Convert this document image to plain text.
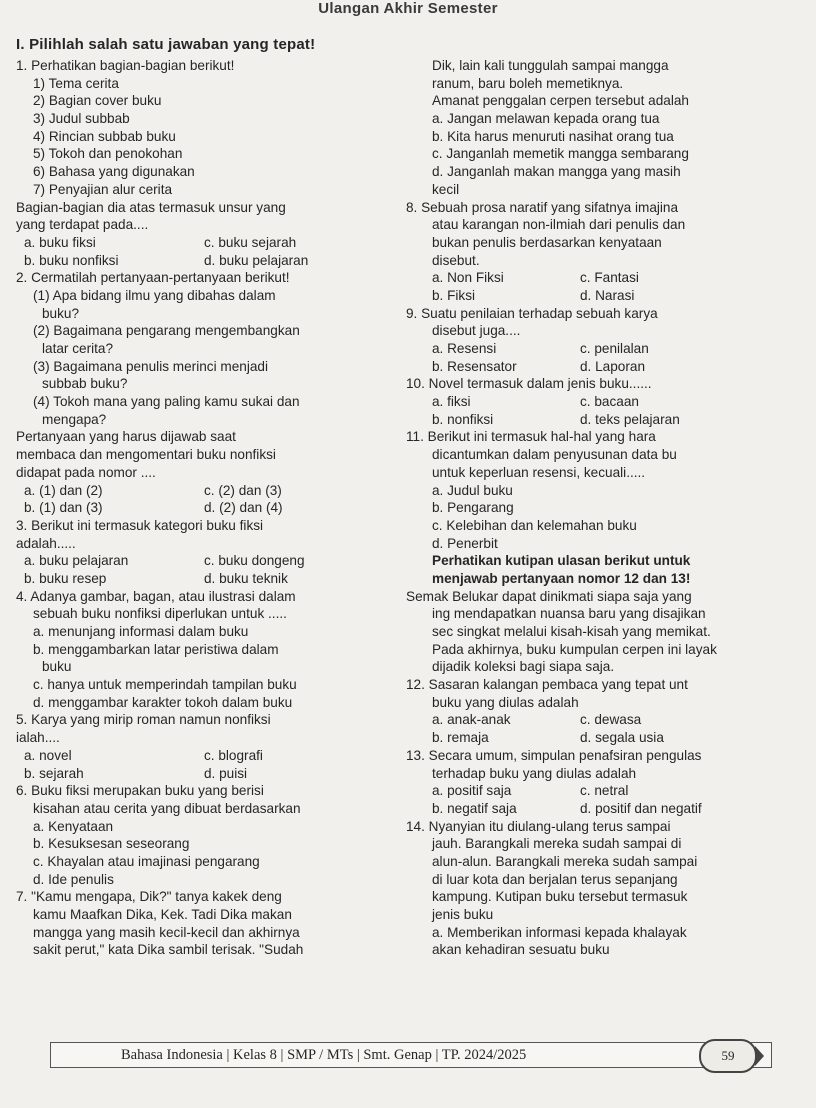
Ulangan Akhir Semester
I. Pilihlah salah satu jawaban yang tepat!
1. Perhatikan bagian-bagian berikut!
1) Tema cerita
2) Bagian cover buku
3) Judul subbab
4) Rincian subbab buku
5) Tokoh dan penokohan
6) Bahasa yang digunakan
7) Penyajian alur cerita
Bagian-bagian dia atas termasuk unsur yang
yang terdapat pada....
a. buku fiksi	c. buku sejarah
b. buku nonfiksi	d. buku pelajaran
2. Cermatilah pertanyaan-pertanyaan berikut!
(1) Apa bidang ilmu yang dibahas dalam
buku?
(2) Bagaimana pengarang mengembangkan
latar cerita?
(3) Bagaimana penulis merinci menjadi
subbab buku?
(4) Tokoh mana yang paling kamu sukai dan
mengapa?
Pertanyaan yang harus dijawab saat
membaca dan mengomentari buku nonfiksi
didapat pada nomor ....
a. (1) dan (2)	c. (2) dan (3)
b. (1) dan (3)	d. (2) dan (4)
3. Berikut ini termasuk kategori buku fiksi
adalah.....
a. buku pelajaran	c. buku dongeng
b. buku resep	d. buku teknik
4. Adanya gambar, bagan, atau ilustrasi dalam
sebuah buku nonfiksi diperlukan untuk .....
a. menunjang informasi dalam buku
b. menggambarkan latar peristiwa dalam
buku
c. hanya untuk memperindah tampilan buku
d. menggambar karakter tokoh dalam buku
5. Karya yang mirip roman namun nonfiksi
ialah....
a. novel	c. blografi
b. sejarah	d. puisi
6. Buku fiksi merupakan buku yang berisi
kisahan atau cerita yang dibuat berdasarkan
a. Kenyataan
b. Kesuksesan seseorang
c. Khayalan atau imajinasi pengarang
d. Ide penulis
7. "Kamu mengapa, Dik?" tanya kakek deng
kamu Maafkan Dika, Kek. Tadi Dika makan
mangga yang masih kecil-kecil dan akhirnya
sakit perut," kata Dika sambil terisak. "Sudah
Dik, lain kali tunggulah sampai mangga
ranum, baru boleh memetiknya.
Amanat penggalan cerpen tersebut adalah
a. Jangan melawan kepada orang tua
b. Kita harus menuruti nasihat orang tua
c. Janganlah memetik mangga sembarang
d. Janganlah makan mangga yang masih
kecil
8. Sebuah prosa naratif yang sifatnya imajina
atau karangan non-ilmiah dari penulis dan
bukan penulis berdasarkan kenyataan
disebut.
a. Non Fiksi	c. Fantasi
b. Fiksi	d. Narasi
9. Suatu penilaian terhadap sebuah karya
disebut juga....
a. Resensi	c. penilalan
b. Resensator	d. Laporan
10. Novel termasuk dalam jenis buku......
a. fiksi	c. bacaan
b. nonfiksi	d. teks pelajaran
11. Berikut ini termasuk hal-hal yang hara
dicantumkan dalam penyusunan data bu
untuk keperluan resensi, kecuali.....
a. Judul buku
b. Pengarang
c. Kelebihan dan kelemahan buku
d. Penerbit
Perhatikan kutipan ulasan berikut untuk
menjawab pertanyaan nomor 12 dan 13!
Semak Belukar dapat dinikmati siapa saja yang
ing mendapatkan nuansa baru yang disajikan
sec singkat melalui kisah-kisah yang memikat.
Pada akhirnya, buku kumpulan cerpen ini layak
dijadik koleksi bagi siapa saja.
12. Sasaran kalangan pembaca yang tepat unt
buku yang diulas adalah
a. anak-anak	c. dewasa
b. remaja	d. segala usia
13. Secara umum, simpulan penafsiran pengulas
terhadap buku yang diulas adalah
a. positif saja	c. netral
b. negatif saja	d. positif dan negatif
14. Nyanyian itu diulang-ulang terus sampai
jauh. Barangkali mereka sudah sampai di
alun-alun. Barangkali mereka sudah sampai
di luar kota dan berjalan terus sepanjang
kampung. Kutipan buku tersebut termasuk
jenis buku
a. Memberikan informasi kepada khalayak
akan kehadiran sesuatu buku
Bahasa Indonesia | Kelas 8 | SMP / MTs | Smt. Genap | TP. 2024/2025	59
